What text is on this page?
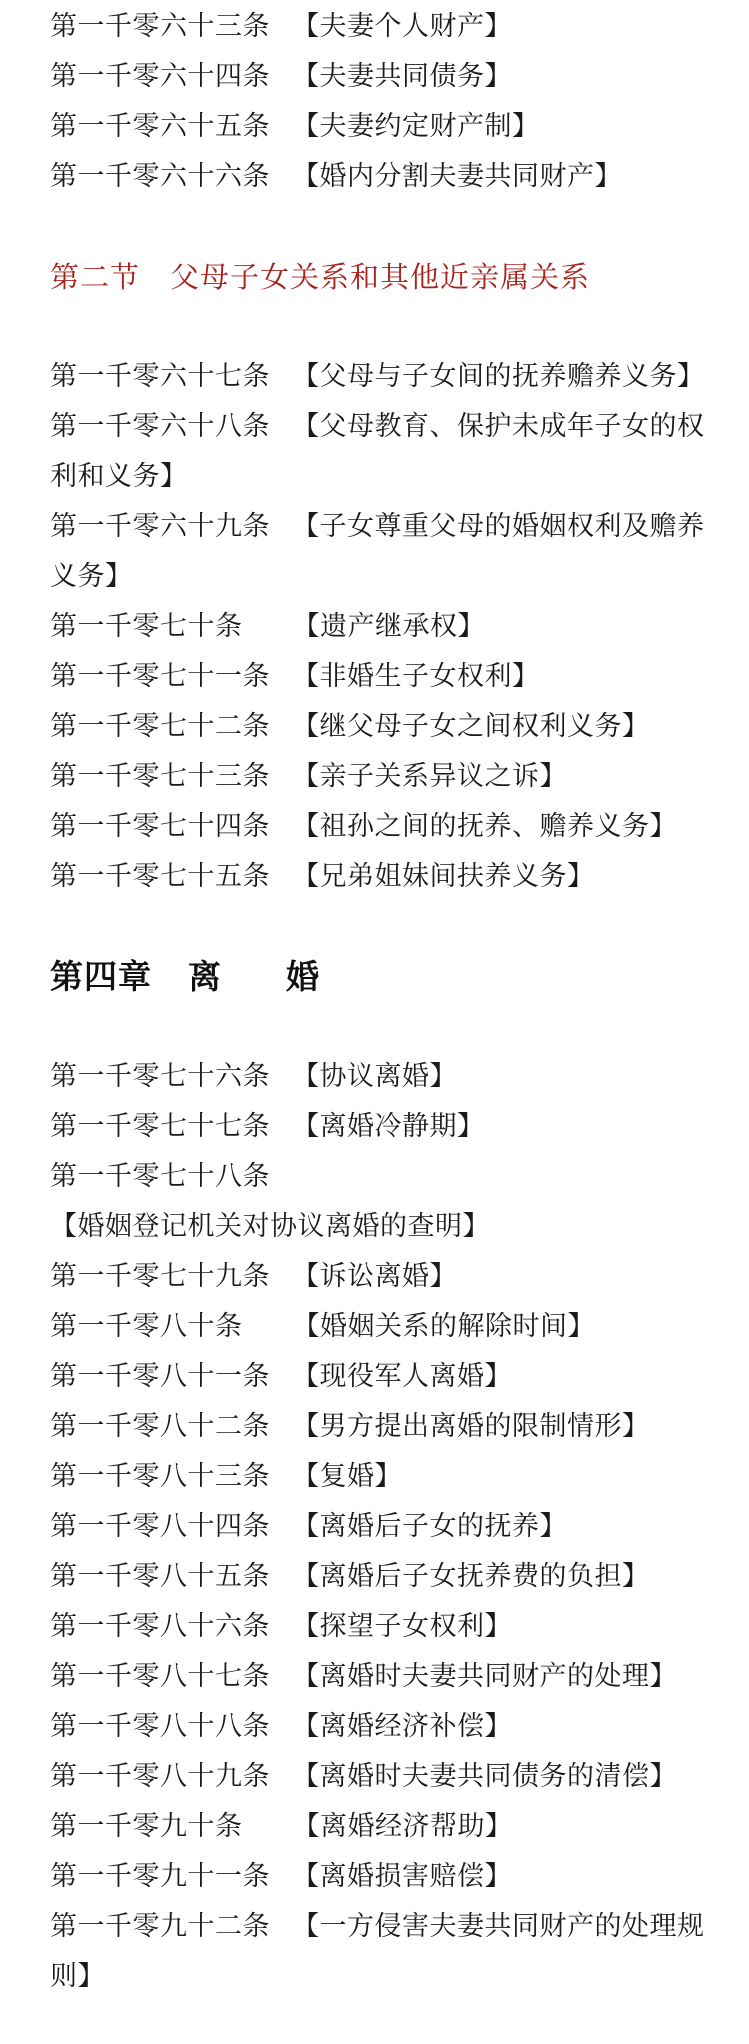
第一千零六十三条 【夫妻个人财产】
第一千零六十四条 【夫妻共同债务】
第一千零六十五条 【夫妻约定财产制】
第一千零六十六条 【婚内分割夫妻共同财产】
第二节 父母子女关系和其他近亲属关系
第一千零六十七条 【父母与子女间的抚养赡养义务】
第一千零六十八条 【父母教育、保护未成年子女的权利和义务】
第一千零六十九条 【子女尊重父母的婚姻权利及赡养义务】
第一千零七十条 【遗产继承权】
第一千零七十一条 【非婚生子女权利】
第一千零七十二条 【继父母子女之间权利义务】
第一千零七十三条 【亲子关系异议之诉】
第一千零七十四条 【祖孙之间的抚养、赡养义务】
第一千零七十五条 【兄弟姐妹间扶养义务】
第四章 离 婚
第一千零七十六条 【协议离婚】
第一千零七十七条 【离婚冷静期】
第一千零七十八条【婚姻登记机关对协议离婚的查明】
第一千零七十九条 【诉讼离婚】
第一千零八十条 【婚姻关系的解除时间】
第一千零八十一条 【现役军人离婚】
第一千零八十二条 【男方提出离婚的限制情形】
第一千零八十三条 【复婚】
第一千零八十四条 【离婚后子女的抚养】
第一千零八十五条 【离婚后子女抚养费的负担】
第一千零八十六条 【探望子女权利】
第一千零八十七条 【离婚时夫妻共同财产的处理】
第一千零八十八条 【离婚经济补偿】
第一千零八十九条 【离婚时夫妻共同债务的清偿】
第一千零九十条 【离婚经济帮助】
第一千零九十一条 【离婚损害赔偿】
第一千零九十二条 【一方侵害夫妻共同财产的处理规则】
